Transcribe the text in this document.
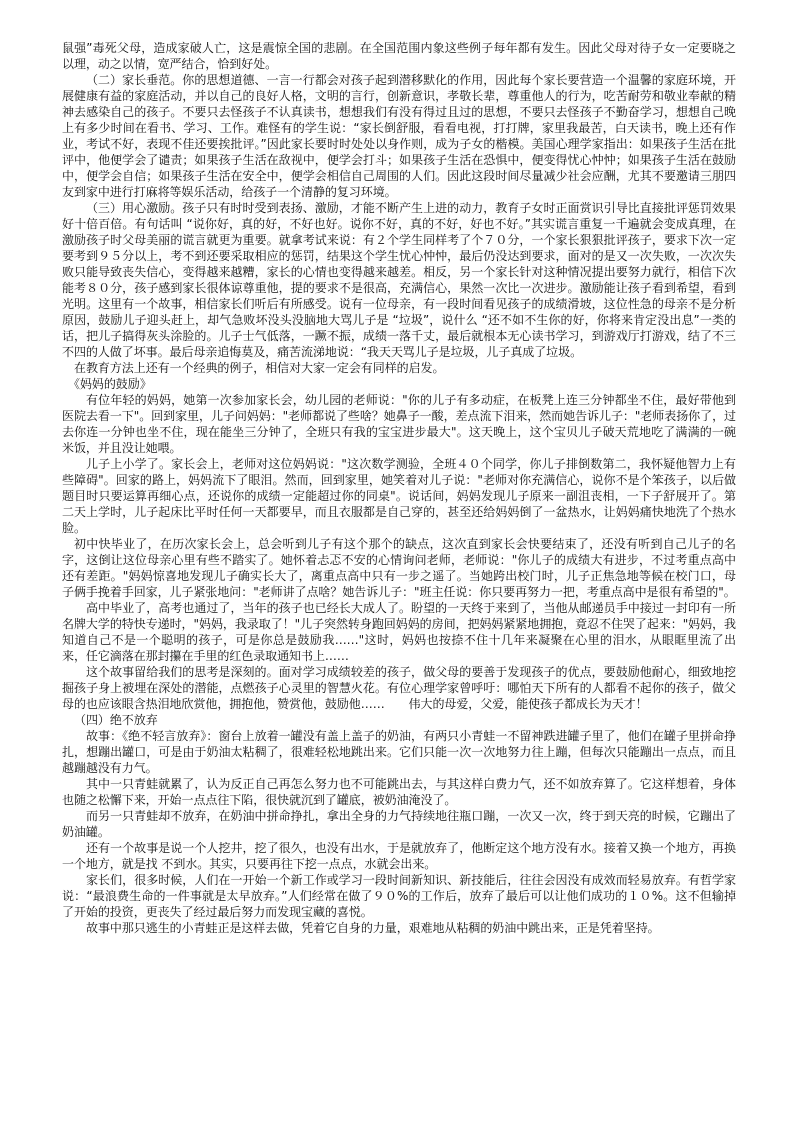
鼠强”毒死父母，造成家破人亡，这是震惊全国的悲剧。在全国范围内象这些例子每年都有发生。因此父母对待子女一定要晓之以理，动之以情，宽严结合，恰到好处。

（二）家长垂范。你的思想道德、一言一行都会对孩子起到潜移默化的作用，因此每个家长要营造一个温馨的家庭环境，开展健康有益的家庭活动，并以自己的良好人格，文明的言行，创新意识，孝敬长辈，尊重他人的行为，吃苦耐劳和敬业奉献的精神去感染自己的孩子。不要只去怪孩子不认真读书，想想我们有没有得过且过的思想，不要只去怪孩子不勤奋学习，想想自己晚上有多少时间在看书、学习、工作。难怪有的学生说：“家长倒舒服，看看电视，打打牌，家里我最苦，白天读书，晚上还有作业，考试不好，表现不佳还要挨批评。”因此家长要时时处处以身作则，成为子女的楷模。美国心理学家指出：如果孩子生活在批评中，他便学会了谴责；如果孩子生活在敌视中，便学会打斗；如果孩子生活在恐惧中，便变得忧心忡忡；如果孩子生活在鼓励中，便学会自信；如果孩子生活在安全中，便学会相信自己周围的人们。因此这段时间尽量减少社会应酬，尤其不要邀请三朋四友到家中进行打麻将等娱乐活动，给孩子一个清静的复习环境。

（三）用心激励。孩子只有时时受到表扬、激励，才能不断产生上进的动力，教育子女时正面赏识引导比直接批评惩罚效果好十倍百倍。有句话叫 “说你好，真的好，不好也好。说你不好，真的不好，好也不好。”其实谎言重复一千遍就会变成真理，在激励孩子时父母美丽的谎言就更为重要。就拿考试来说：有２个学生同样考了个７０分，一个家长狠狠批评孩子，要求下次一定要考到９５分以上，考不到还要采取相应的惩罚，结果这个学生忧心忡忡，最后仍没达到要求，面对的是又一次失败，一次次失败只能导致丧失信心，变得越来越糟，家长的心情也变得越来越差。相反，另一个家长针对这种情况提出要努力就行，相信下次能考８０分，孩子感到家长很体谅尊重他，提的要求不是很高，充满信心，果然一次比一次进步。激励能让孩子看到希望，看到光明。这里有一个故事，相信家长们听后有所感受。说有一位母亲，有一段时间看见孩子的成绩滑坡，这位性急的母亲不是分析原因，鼓励儿子迎头赶上，却气急败坏没头没脑地大骂儿子是 “垃圾”，说什么 “还不如不生你的好，你将来肯定没出息”一类的话，把儿子搞得灰头涂脸的。儿子士气低落，一蹶不振，成绩一落千丈，最后就根本无心读书学习，到游戏厅打游戏，结了不三不四的人做了坏事。最后母亲追悔莫及，痛苦流涕地说：“我天天骂儿子是垃圾，儿子真成了垃圾。

在教育方法上还有一个经典的例子，相信对大家一定会有同样的启发。

《妈妈的鼓励》

有位年轻的妈妈，她第一次参加家长会，幼儿园的老师说："你的儿子有多动症，在板凳上连三分钟都坐不住，最好带他到医院去看一下"。回到家里，儿子问妈妈："老师都说了些啥？她鼻子一酸，差点流下泪来，然而她告诉儿子："老师表扬你了，过去你连一分钟也坐不住，现在能坐三分钟了，全班只有我的宝宝进步最大"。这天晚上，这个宝贝儿子破天荒地吃了满满的一碗米饭，并且没让她喂。

儿子上小学了。家长会上，老师对这位妈妈说："这次数学测验，全班４０个同学，你儿子排倒数第二，我怀疑他智力上有些障碍"。回家的路上，妈妈流下了眼泪。然而，回到家里，她笑着对儿子说："老师对你充满信心，说你不是个笨孩子，以后做题目时只要运算再细心点，还说你的成绩一定能超过你的同桌"。说话间，妈妈发现儿子原来一副沮丧相，一下子舒展开了。第二天上学时，儿子起床比平时任何一天都要早，而且衣服都是自己穿的，甚至还给妈妈倒了一盆热水，让妈妈痛快地洗了个热水脸。

初中快毕业了，在历次家长会上，总会听到儿子有这个那个的缺点，这次直到家长会快要结束了，还没有听到自己儿子的名字，这倒让这位母亲心里有些不踏实了。她怀着忐忑不安的心情询问老师，老师说："你儿子的成绩大有进步，不过考重点高中还有差距。"妈妈惊喜地发现儿子确实长大了，离重点高中只有一步之遥了。当她跨出校门时，儿子正焦急地等候在校门口，母子俩手挽着手回家，儿子紧张地问："老师讲了点啥？她告诉儿子："班主任说：你只要再努力一把，考重点高中是很有希望的"。

高中毕业了，高考也通过了，当年的孩子也已经长大成人了。盼望的一天终于来到了，当他从邮递员手中接过一封印有一所名牌大学的特快专递时，"妈妈，我录取了！"儿子突然转身跑回妈妈的房间，把妈妈紧紧地拥抱，竟忍不住哭了起来："妈妈，我知道自己不是一个聪明的孩子，可是你总是鼓励我……"这时，妈妈也按捺不住十几年来凝聚在心里的泪水，从眼眶里流了出来，任它滴落在那封攥在手里的红色录取通知书上……

这个故事留给我们的思考是深刻的。面对学习成绩较差的孩子，做父母的要善于发现孩子的优点，要鼓励他耐心，细致地挖掘孩子身上被埋在深处的潜能，点燃孩子心灵里的智慧火花。有位心理学家曾呼吁：哪怕天下所有的人都看不起你的孩子，做父母的也应该眼含热泪地欣赏他，拥抱他，赞赏他，鼓励他……　　伟大的母爱，父爱，能使孩子都成长为天才！

（四）绝不放弃

故事：《绝不轻言放弃》：窗台上放着一罐没有盖上盖子的奶油，有两只小青蛙一不留神跌进罐子里了，他们在罐子里拼命挣扎，想蹦出罐口，可是由于奶油太粘稠了，很难轻松地跳出来。它们只能一次一次地努力往上蹦，但每次只能蹦出一点点，而且越蹦越没有力气。

其中一只青蛙就累了，认为反正自己再怎么努力也不可能跳出去，与其这样白费力气，还不如放弃算了。它这样想着，身体也随之松懈下来，开始一点点往下陷，很快就沉到了罐底，被奶油淹没了。

而另一只青蛙却不放弃，在奶油中拼命挣扎，拿出全身的力气持续地往瓶口蹦，一次又一次，终于到天亮的时候，它蹦出了奶油罐。

还有一个故事是说一个人挖井，挖了很久，也没有出水，于是就放弃了，他断定这个地方没有水。接着又换一个地方，再换一个地方，就是找 不到水。其实，只要再往下挖一点点，水就会出来。

家长们，很多时候，人们在一开始一个新工作或学习一段时间新知识、新技能后，往往会因没有成效而轻易放弃。有哲学家说：“最浪费生命的一件事就是太早放弃。”人们经常在做了９０%的工作后，放弃了最后可以让他们成功的１０%。这不但输掉了开始的投资，更丧失了经过最后努力而发现宝藏的喜悦。

故事中那只逃生的小青蛙正是这样去做，凭着它自身的力量，艰难地从粘稠的奶油中跳出来，正是凭着坚持。
